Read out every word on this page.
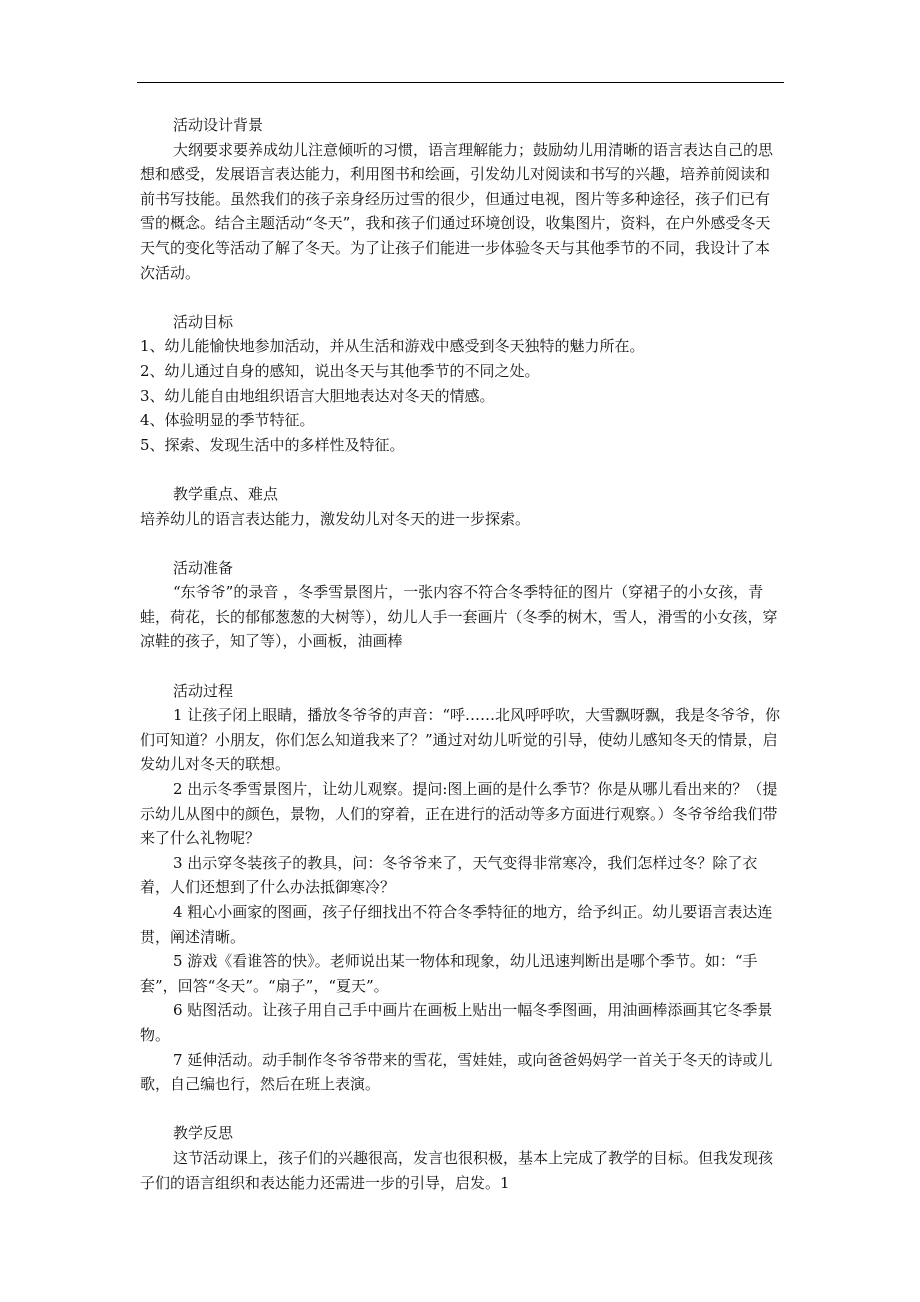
活动设计背景

大纲要求要养成幼儿注意倾听的习惯，语言理解能力；鼓励幼儿用清晰的语言表达自己的思想和感受，发展语言表达能力，利用图书和绘画，引发幼儿对阅读和书写的兴趣，培养前阅读和前书写技能。虽然我们的孩子亲身经历过雪的很少，但通过电视，图片等多种途径，孩子们已有雪的概念。结合主题活动“冬天”，我和孩子们通过环境创设，收集图片，资料，在户外感受冬天天气的变化等活动了解了冬天。为了让孩子们能进一步体验冬天与其他季节的不同，我设计了本次活动。

活动目标

1、幼儿能愉快地参加活动，并从生活和游戏中感受到冬天独特的魅力所在。

2、幼儿通过自身的感知，说出冬天与其他季节的不同之处。

3、幼儿能自由地组织语言大胆地表达对冬天的情感。

4、体验明显的季节特征。

5、探索、发现生活中的多样性及特征。

教学重点、难点

培养幼儿的语言表达能力，激发幼儿对冬天的进一步探索。

活动准备

“东爷爷”的录音 ，冬季雪景图片，一张内容不符合冬季特征的图片（穿裙子的小女孩，青蛙，荷花，长的郁郁葱葱的大树等），幼儿人手一套画片（冬季的树木，雪人，滑雪的小女孩，穿凉鞋的孩子，知了等），小画板，油画棒

活动过程

1 让孩子闭上眼睛，播放冬爷爷的声音：“呼……北风呼呼吹，大雪飘呀飘，我是冬爷爷，你们可知道？小朋友，你们怎么知道我来了？”通过对幼儿听觉的引导，使幼儿感知冬天的情景，启发幼儿对冬天的联想。

2 出示冬季雪景图片，让幼儿观察。提问:图上画的是什么季节？你是从哪儿看出来的？（提示幼儿从图中的颜色，景物，人们的穿着，正在进行的活动等多方面进行观察。）冬爷爷给我们带来了什么礼物呢？

3 出示穿冬装孩子的教具，问：冬爷爷来了，天气变得非常寒冷，我们怎样过冬？除了衣着，人们还想到了什么办法抵御寒冷？

4 粗心小画家的图画，孩子仔细找出不符合冬季特征的地方，给予纠正。幼儿要语言表达连贯，阐述清晰。

5 游戏《看谁答的快》。老师说出某一物体和现象，幼儿迅速判断出是哪个季节。如：“手套”，回答“冬天”。“扇子”，“夏天”。

6 贴图活动。让孩子用自己手中画片在画板上贴出一幅冬季图画，用油画棒添画其它冬季景物。

7 延伸活动。动手制作冬爷爷带来的雪花，雪娃娃，或向爸爸妈妈学一首关于冬天的诗或儿歌，自己编也行，然后在班上表演。

教学反思

这节活动课上，孩子们的兴趣很高，发言也很积极，基本上完成了教学的目标。但我发现孩子们的语言组织和表达能力还需进一步的引导，启发。1
